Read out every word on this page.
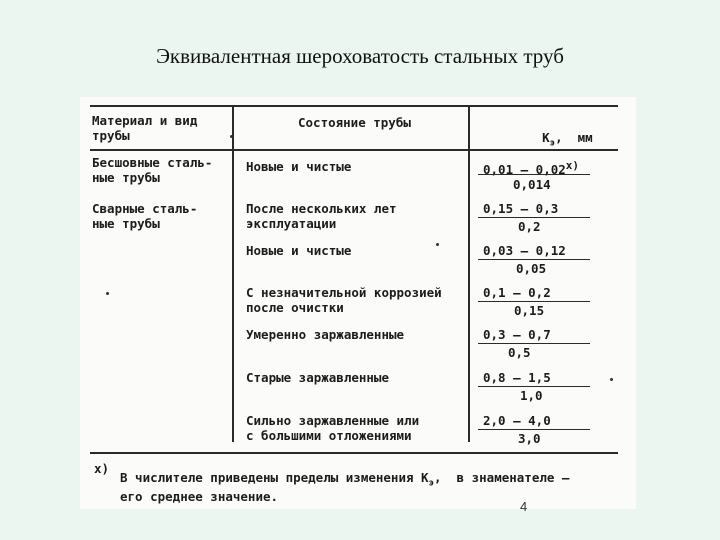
Эквивалентная шероховатость стальных труб
Материал и вид
трубы
Состояние трубы

$К_э$,  мм

Бесшовные сталь-
ные трубы
Сварные сталь-
ные трубы
Новые и чистые
После нескольких лет
эксплуатации
Новые и чистые
С незначительной коррозией
после очистки
Умеренно заржавленные
Старые заржавленные
Сильно заржавленные или
с большими отложениями
$0,01 - 0,02^{х)}$
0,15 – 0,3
0,03 – 0,12
0,1 – 0,2
0,3 – 0,7
0,8 – 1,5
2,0 – 4,0
0,014
0,2
0,05
0,15
0,5
1,0
3,0
х)
В числителе приведены пределы изменения $К_э$,  в знаменателе –
его среднее значение.
4
